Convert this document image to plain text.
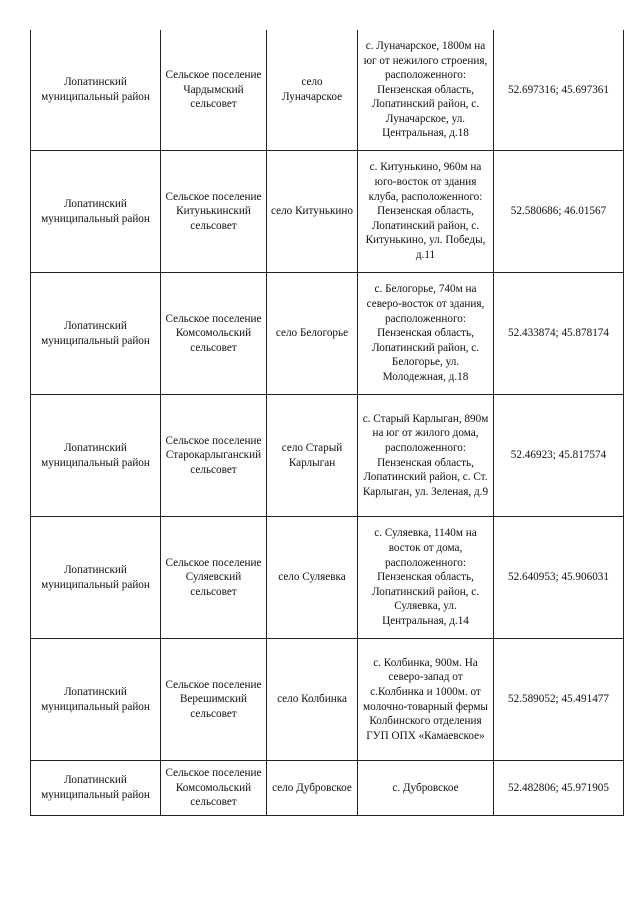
Лопатинский муниципальный район	Сельское поселение Чардымский сельсовет	село Луначарское	с. Луначарское, 1800м на юг от нежилого строения, расположенного: Пензенская область, Лопатинский район, с. Луначарское, ул. Центральная, д.18	52.697316; 45.697361
Лопатинский муниципальный район	Сельское поселение Китунькинский сельсовет	село Китунькино	с. Китунькино, 960м на юго-восток от здания клуба, расположенного: Пензенская область, Лопатинский район, с. Китунькино, ул. Победы, д.11	52.580686; 46.01567
Лопатинский муниципальный район	Сельское поселение Комсомольский сельсовет	село Белогорье	с. Белогорье, 740м на северо-восток от здания, расположенного: Пензенская область, Лопатинский район, с. Белогорье, ул. Молодежная, д.18	52.433874; 45.878174
Лопатинский муниципальный район	Сельское поселение Старокарлыганский сельсовет	село Старый Карлыган	с. Старый Карлыган, 890м на юг от жилого дома, расположенного: Пензенская область, Лопатинский район, с. Ст. Карлыган, ул. Зеленая, д.9	52.46923; 45.817574
Лопатинский муниципальный район	Сельское поселение Суляевский сельсовет	село Суляевка	с. Суляевка, 1140м на восток от дома, расположенного: Пензенская область, Лопатинский район, с. Суляевка, ул. Центральная, д.14	52.640953; 45.906031
Лопатинский муниципальный район	Сельское поселение Верешимский сельсовет	село Колбинка	с. Колбинка, 900м. На северо-запад от с.Колбинка и 1000м. от молочно-товарный фермы Колбинского отделения ГУП ОПХ «Камаевское»	52.589052; 45.491477
Лопатинский муниципальный район	Сельское поселение Комсомольский сельсовет	село Дубровское	с. Дубровское	52.482806; 45.971905
